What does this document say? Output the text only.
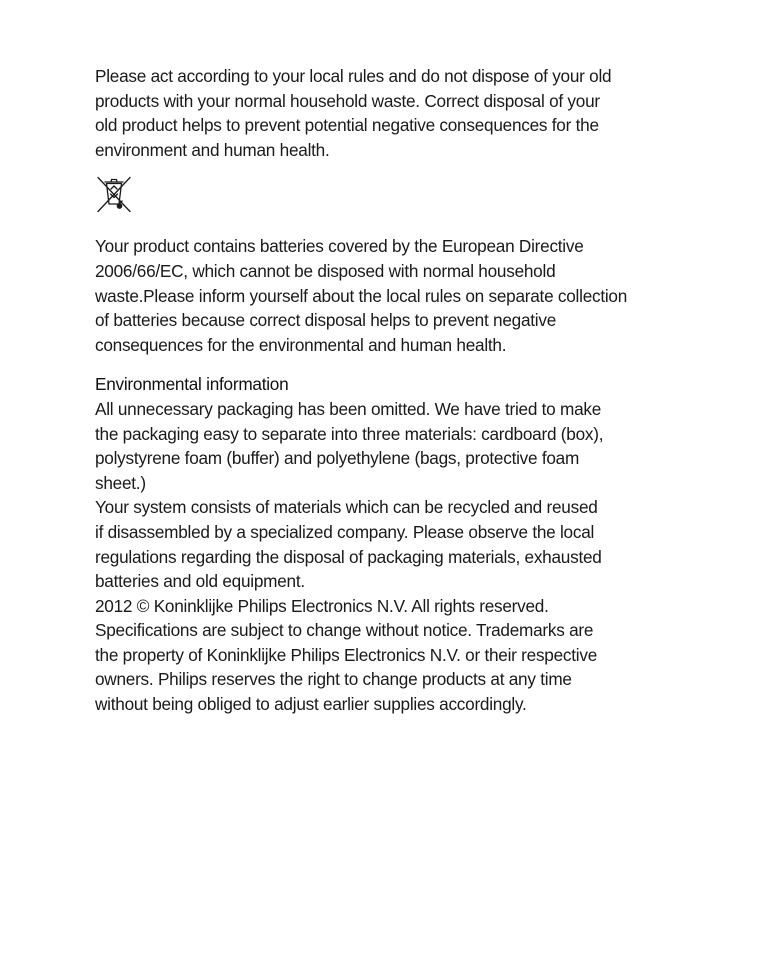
Please act according to your local rules and do not dispose of your old
products with your normal household waste. Correct disposal of your
old product helps to prevent potential negative consequences for the
environment and human health.

Your product contains batteries covered by the European Directive
2006/66/EC, which cannot be disposed with normal household
waste.Please inform yourself about the local rules on separate collection
of batteries because correct disposal helps to prevent negative
consequences for the environmental and human health.

Environmental information

All unnecessary packaging has been omitted. We have tried to make
the packaging easy to separate into three materials: cardboard (box),
polystyrene foam (buffer) and polyethylene (bags, protective foam
sheet.)
Your system consists of materials which can be recycled and reused
if disassembled by a specialized company. Please observe the local
regulations regarding the disposal of packaging materials, exhausted
batteries and old equipment.
2012 © Koninklijke Philips Electronics N.V. All rights reserved.
Specifications are subject to change without notice. Trademarks are
the property of Koninklijke Philips Electronics N.V. or their respective
owners. Philips reserves the right to change products at any time
without being obliged to adjust earlier supplies accordingly.
